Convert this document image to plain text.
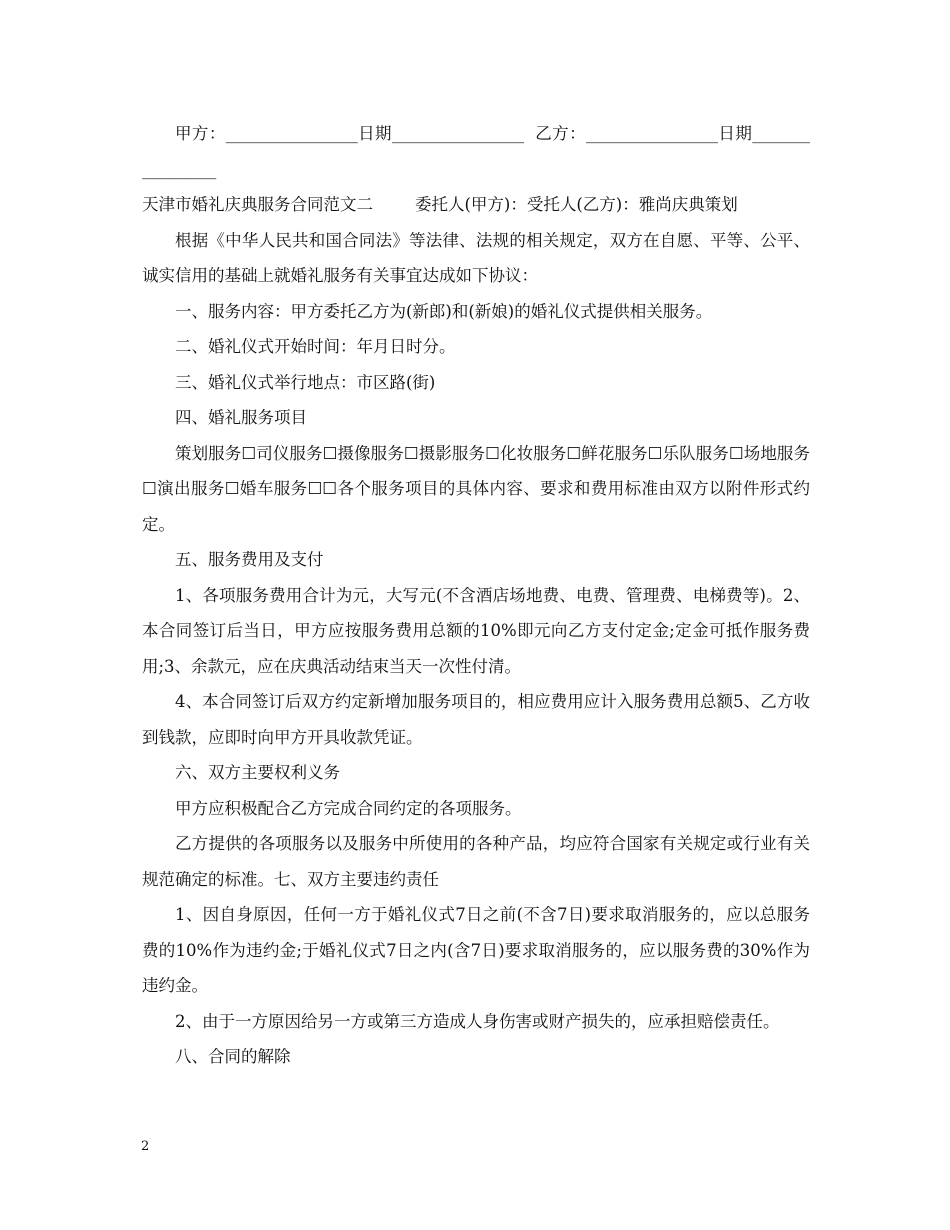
甲方：________________日期________________  乙方：________________日期________________

天津市婚礼庆典服务合同范文二        委托人(甲方)：受托人(乙方)：雅尚庆典策划

根据《中华人民共和国合同法》等法律、法规的相关规定，双方在自愿、平等、公平、诚实信用的基础上就婚礼服务有关事宜达成如下协议：

一、服务内容：甲方委托乙方为(新郎)和(新娘)的婚礼仪式提供相关服务。

二、婚礼仪式开始时间：年月日时分。

三、婚礼仪式举行地点：市区路(街)

四、婚礼服务项目

策划服务☐司仪服务☐摄像服务☐摄影服务☐化妆服务☐鲜花服务☐乐队服务☐场地服务☐演出服务☐婚车服务☐☐各个服务项目的具体内容、要求和费用标准由双方以附件形式约定。

五、服务费用及支付

1、各项服务费用合计为元，大写元(不含酒店场地费、电费、管理费、电梯费等)。2、本合同签订后当日，甲方应按服务费用总额的10%即元向乙方支付定金;定金可抵作服务费用;3、余款元，应在庆典活动结束当天一次性付清。

4、本合同签订后双方约定新增加服务项目的，相应费用应计入服务费用总额5、乙方收到钱款，应即时向甲方开具收款凭证。

六、双方主要权利义务

甲方应积极配合乙方完成合同约定的各项服务。

乙方提供的各项服务以及服务中所使用的各种产品，均应符合国家有关规定或行业有关规范确定的标准。七、双方主要违约责任

1、因自身原因，任何一方于婚礼仪式7日之前(不含7日)要求取消服务的，应以总服务费的10%作为违约金;于婚礼仪式7日之内(含7日)要求取消服务的，应以服务费的30%作为违约金。

2、由于一方原因给另一方或第三方造成人身伤害或财产损失的，应承担赔偿责任。

八、合同的解除

2
